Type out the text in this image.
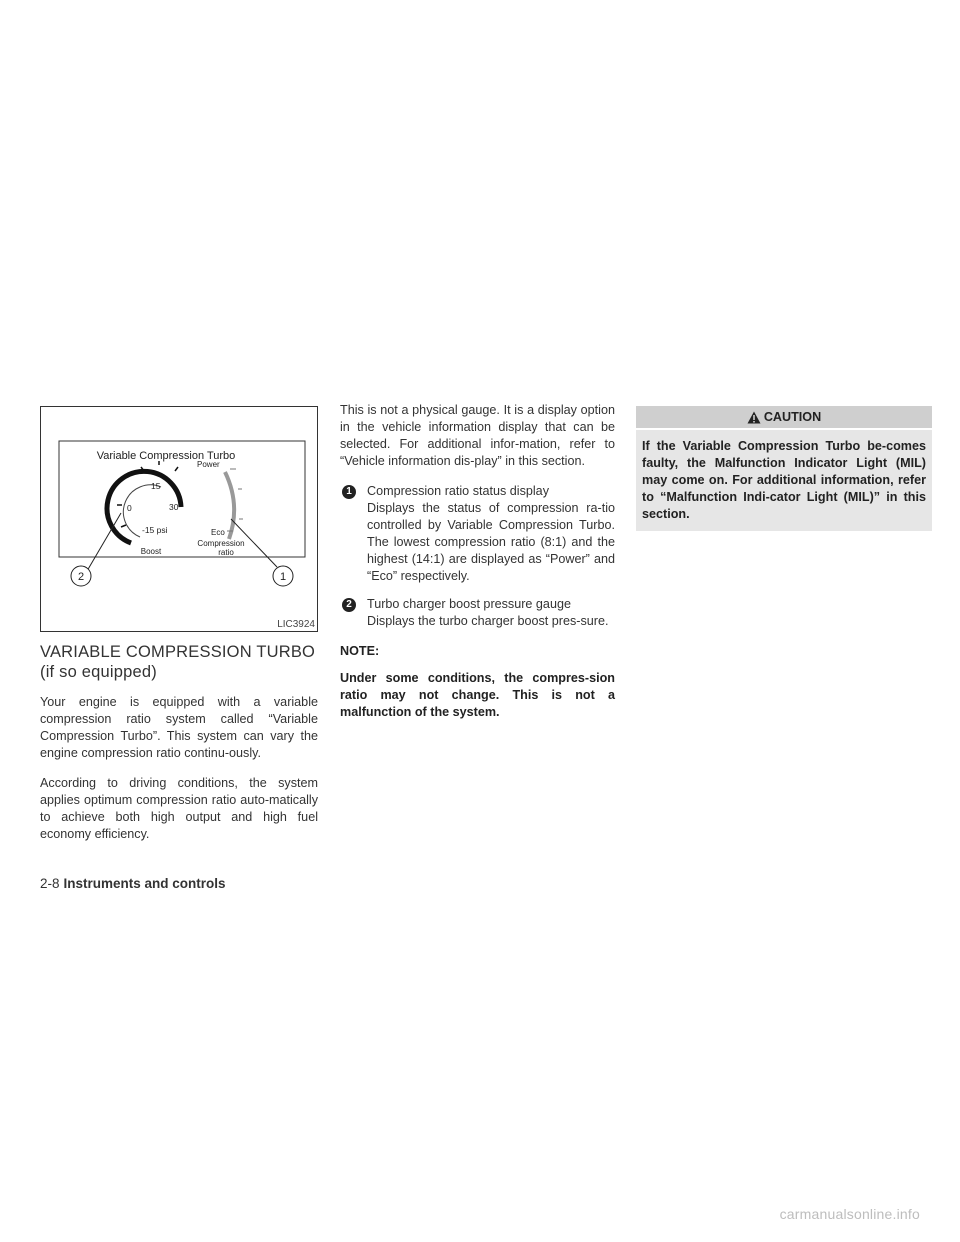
Variable Compression Turbo
15
0	30
-15 psi
Boost
Power
Eco
Compression
ratio
2	1
LIC3924
VARIABLE COMPRESSION TURBO
(if so equipped)

Your engine is equipped with a variable compression ratio system called “Variable Compression Turbo”. This system can vary the engine compression ratio continu-ously.

According to driving conditions, the system applies optimum compression ratio auto-matically to achieve both high output and high fuel economy efficiency.

This is not a physical gauge. It is a display option in the vehicle information display that can be selected. For additional infor-mation, refer to “Vehicle information dis-play” in this section.

1	Compression ratio status display
Displays the status of compression ra-tio controlled by Variable Compression Turbo. The lowest compression ratio (8:1) and the highest (14:1) are displayed as “Power” and “Eco” respectively.
2	Turbo charger boost pressure gauge
Displays the turbo charger boost pres-sure.
NOTE:

Under some conditions, the compres-sion ratio may not change. This is not a malfunction of the system.

CAUTION
If the Variable Compression Turbo be-comes faulty, the Malfunction Indicator Light (MIL) may come on. For additional information, refer to “Malfunction Indi-cator Light (MIL)” in this section.
2-8 Instruments and controls
carmanualsonline.info
